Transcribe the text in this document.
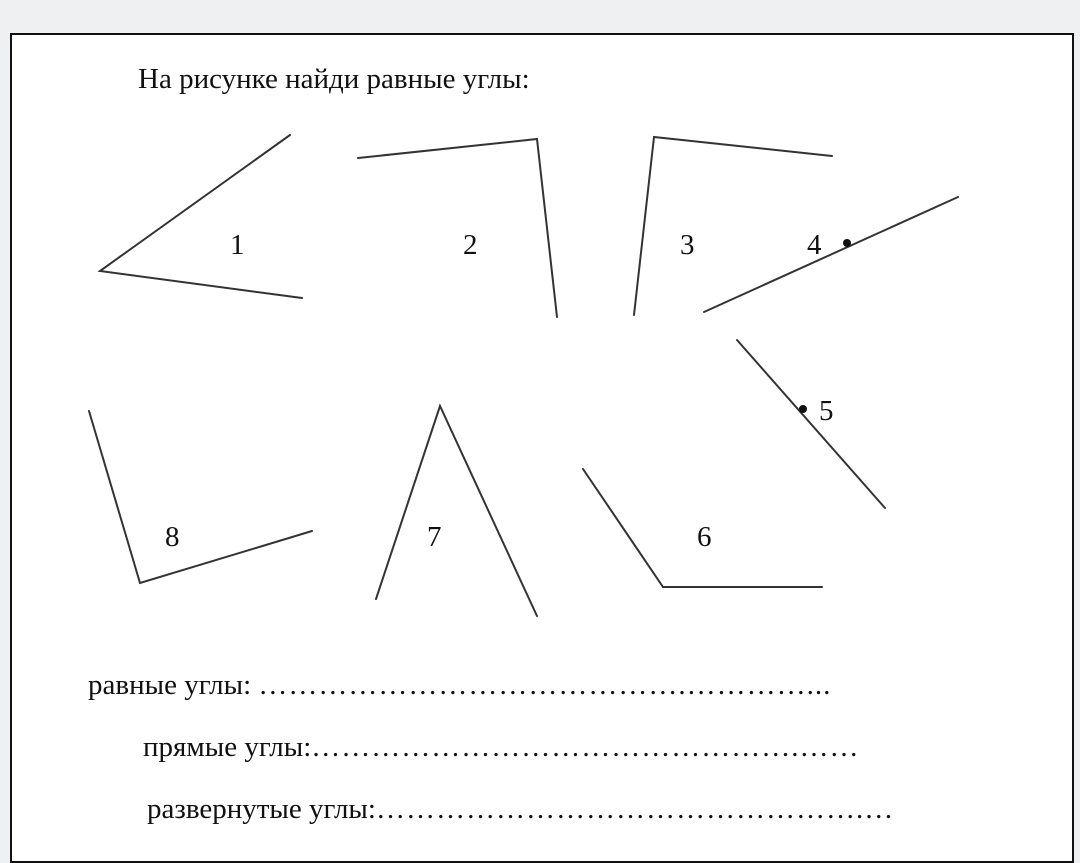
На рисунке найди равные углы:
1	2	3	4
5
6
7
8
равные углы: …………………………………….…………...
прямые углы:………………………………………….……
развернутые углы:………………………………………….…
